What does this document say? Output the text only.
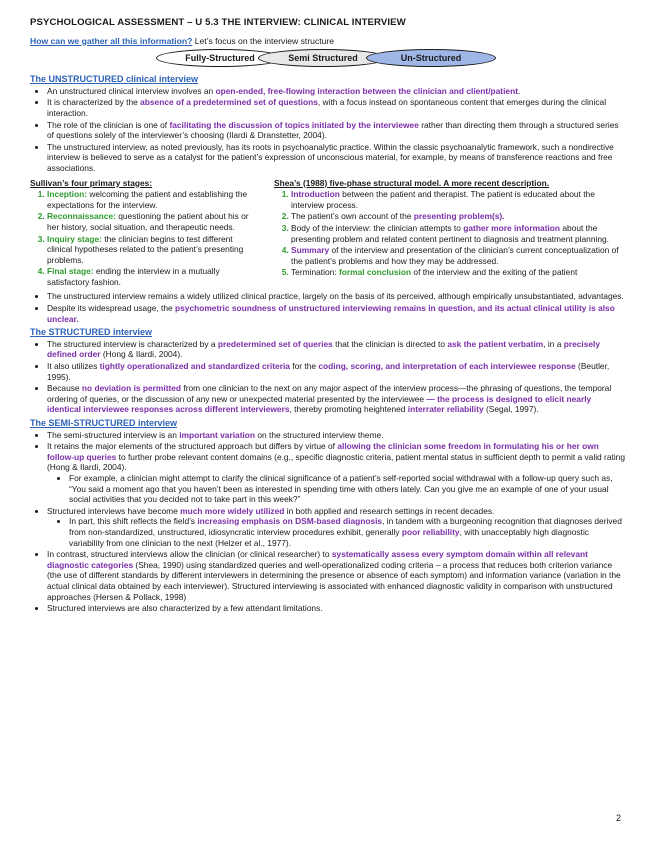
PSYCHOLOGICAL ASSESSMENT – U 5.3 THE INTERVIEW: CLINICAL INTERVIEW
How can we gather all this information? Let’s focus on the interview structure
Fully-Structured	Semi Structured	Un-Structured
The UNSTRUCTURED clinical interview
• An unstructured clinical interview involves an open-ended, free-flowing interaction between the clinician and client/patient.
• It is characterized by the absence of a predetermined set of questions, with a focus instead on spontaneous content that emerges during the clinical interaction.
• The role of the clinician is one of facilitating the discussion of topics initiated by the interviewee rather than directing them through a structured series of questions solely of the interviewer’s choosing (Ilardi & Dranstetter, 2004).
• The unstructured interview, as noted previously, has its roots in psychoanalytic practice. Within the classic psychoanalytic framework, such a nondirective interview is believed to serve as a catalyst for the patient’s expression of unconscious material, for example, by means of transference reactions and free associations.
Sullivan’s four primary stages:
1. Inception: welcoming the patient and establishing the expectations for the interview.
2. Reconnaissance: questioning the patient about his or her history, social situation, and therapeutic needs.
3. Inquiry stage: the clinician begins to test different clinical hypotheses related to the patient’s presenting problems.
4. Final stage: ending the interview in a mutually satisfactory fashion.
Shea’s (1988) five-phase structural model. A more recent description.
1. Introduction between the patient and therapist. The patient is educated about the interview process.
2. The patient’s own account of the presenting problem(s).
3. Body of the interview: the clinician attempts to gather more information about the presenting problem and related content pertinent to diagnosis and treatment planning.
4. Summary of the interview and presentation of the clinician’s current conceptualization of the patient’s problems and how they may be addressed.
5. Termination: formal conclusion of the interview and the exiting of the patient
• The unstructured interview remains a widely utilized clinical practice, largely on the basis of its perceived, although empirically unsubstantiated, advantages.
• Despite its widespread usage, the psychometric soundness of unstructured interviewing remains in question, and its actual clinical utility is also unclear.
The STRUCTURED interview
• The structured interview is characterized by a predetermined set of queries that the clinician is directed to ask the patient verbatim, in a precisely defined order (Hong & Ilardi, 2004).
• It also utilizes tightly operationalized and standardized criteria for the coding, scoring, and interpretation of each interviewee response (Beutler, 1995).
• Because no deviation is permitted from one clinician to the next on any major aspect of the interview process—the phrasing of questions, the temporal ordering of queries, or the discussion of any new or unexpected material presented by the interviewee — the process is designed to elicit nearly identical interviewee responses across different interviewers, thereby promoting heightened interrater reliability (Segal, 1997).
The SEMI-STRUCTURED interview
• The semi-structured interview is an important variation on the structured interview theme.
• It retains the major elements of the structured approach but differs by virtue of allowing the clinician some freedom in formulating his or her own follow-up queries to further probe relevant content domains (e.g., specific diagnostic criteria, patient mental status in sufficient depth to permit a valid rating (Hong & Ilardi, 2004).
• For example, a clinician might attempt to clarify the clinical significance of a patient’s self-reported social withdrawal with a follow-up query such as, “You said a moment ago that you haven’t been as interested in spending time with others lately. Can you give me an example of one of your usual social activities that you decided not to take part in this week?”
• Structured interviews have become much more widely utilized in both applied and research settings in recent decades.
• In part, this shift reflects the field’s increasing emphasis on DSM-based diagnosis, in tandem with a burgeoning recognition that diagnoses derived from non-standardized, unstructured, idiosyncratic interview procedures exhibit, generally poor reliability, with unacceptably high diagnostic variability from one clinician to the next (Helzer et al., 1977).
• In contrast, structured interviews allow the clinician (or clinical researcher) to systematically assess every symptom domain within all relevant diagnostic categories (Shea, 1990) using standardized queries and well-operationalized coding criteria – a process that reduces both criterion variance (the use of different standards by different interviewers in determining the presence or absence of each symptom) and information variance (variation in the actual clinical data obtained by each interviewer). Structured interviewing is associated with enhanced diagnostic validity in comparison with unstructured approaches (Hersen & Pollack, 1998)
• Structured interviews are also characterized by a few attendant limitations.
2
